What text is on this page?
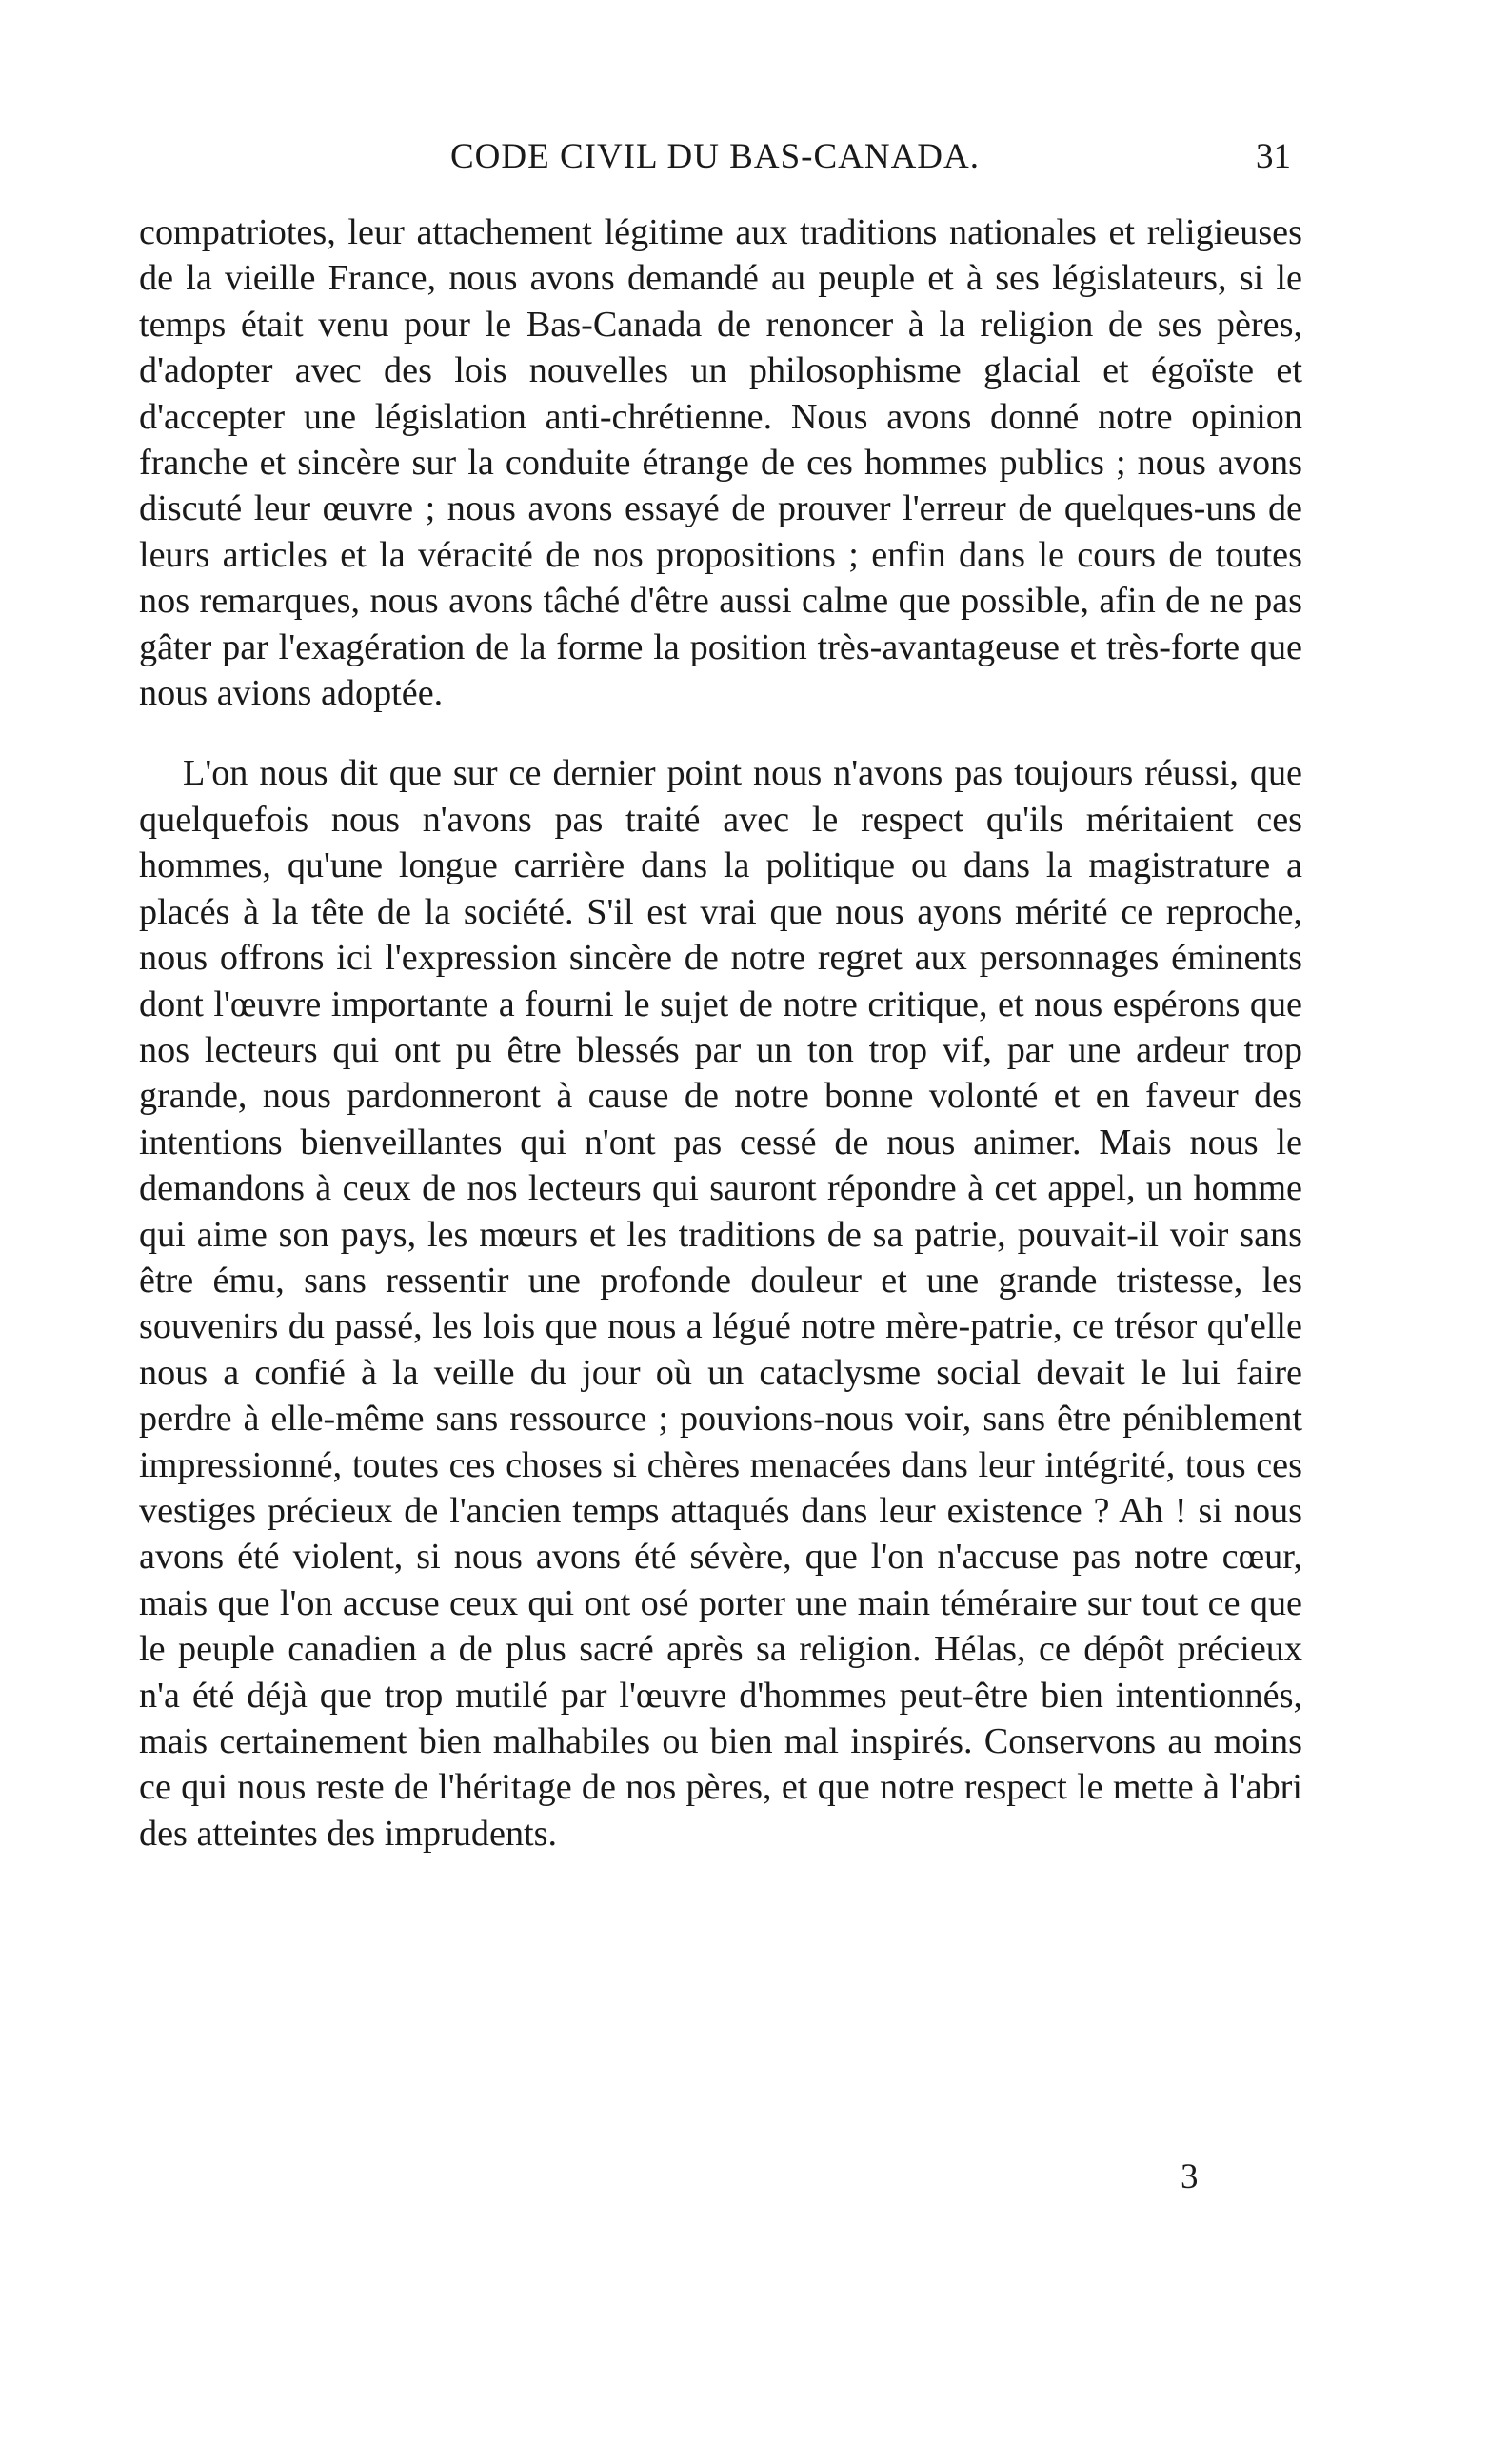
CODE CIVIL DU BAS-CANADA.	31

compatriotes, leur attachement légitime aux traditions nationales et religieuses de la vieille France, nous avons demandé au peuple et à ses législateurs, si le temps était venu pour le Bas-Canada de renoncer à la religion de ses pères, d'adopter avec des lois nouvelles un philosophisme glacial et égoïste et d'accepter une législation anti-chrétienne. Nous avons donné notre opinion franche et sincère sur la conduite étrange de ces hommes publics ; nous avons discuté leur œuvre ; nous avons essayé de prouver l'erreur de quelques-uns de leurs articles et la véracité de nos propositions ; enfin dans le cours de toutes nos remarques, nous avons tâché d'être aussi calme que possible, afin de ne pas gâter par l'exagération de la forme la position très-avantageuse et très-forte que nous avions adoptée.

L'on nous dit que sur ce dernier point nous n'avons pas toujours réussi, que quelquefois nous n'avons pas traité avec le respect qu'ils méritaient ces hommes, qu'une longue carrière dans la politique ou dans la magistrature a placés à la tête de la société. S'il est vrai que nous ayons mérité ce reproche, nous offrons ici l'expression sincère de notre regret aux personnages éminents dont l'œuvre importante a fourni le sujet de notre critique, et nous espérons que nos lecteurs qui ont pu être blessés par un ton trop vif, par une ardeur trop grande, nous pardonneront à cause de notre bonne volonté et en faveur des intentions bienveillantes qui n'ont pas cessé de nous animer. Mais nous le demandons à ceux de nos lecteurs qui sauront répondre à cet appel, un homme qui aime son pays, les mœurs et les traditions de sa patrie, pouvait-il voir sans être ému, sans ressentir une profonde douleur et une grande tristesse, les souvenirs du passé, les lois que nous a légué notre mère-patrie, ce trésor qu'elle nous a confié à la veille du jour où un cataclysme social devait le lui faire perdre à elle-même sans ressource ; pouvions-nous voir, sans être péniblement impressionné, toutes ces choses si chères menacées dans leur intégrité, tous ces vestiges précieux de l'ancien temps attaqués dans leur existence ? Ah ! si nous avons été violent, si nous avons été sévère, que l'on n'accuse pas notre cœur, mais que l'on accuse ceux qui ont osé porter une main téméraire sur tout ce que le peuple canadien a de plus sacré après sa religion. Hélas, ce dépôt précieux n'a été déjà que trop mutilé par l'œuvre d'hommes peut-être bien intentionnés, mais certainement bien malhabiles ou bien mal inspirés. Conservons au moins ce qui nous reste de l'héritage de nos pères, et que notre respect le mette à l'abri des atteintes des imprudents.

3
